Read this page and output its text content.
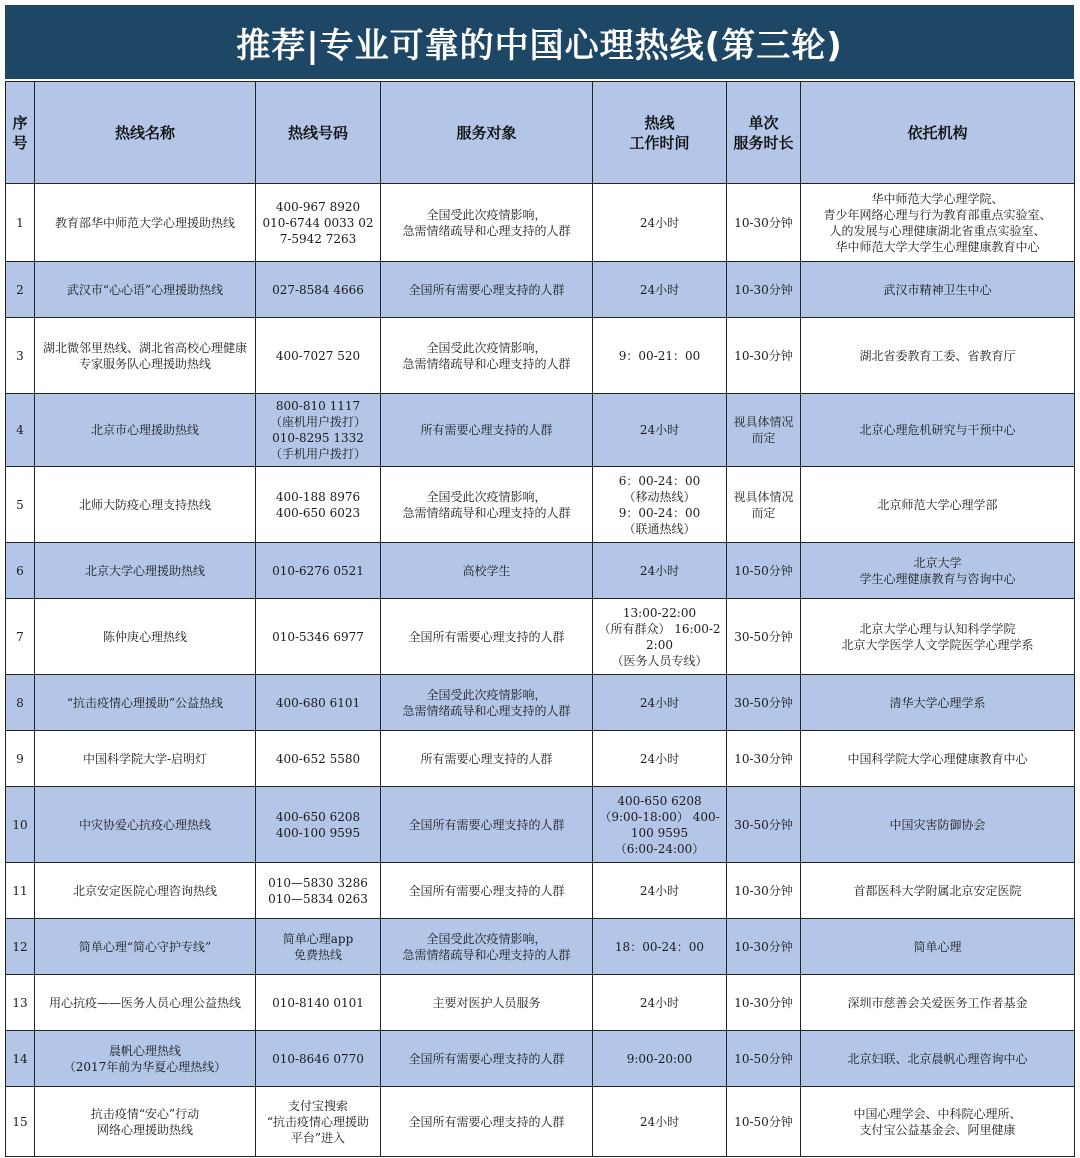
推荐|专业可靠的中国心理热线(第三轮)
序
号	热线名称	热线号码	服务对象	热线
工作时间	单次
服务时长	依托机构
1	教育部华中师范大学心理援助热线	400-967 8920
010-6744 0033 027-5942 7263	全国受此次疫情影响，
急需情绪疏导和心理支持的人群	24小时	10-30分钟	华中师范大学心理学院、
青少年网络心理与行为教育部重点实验室、
人的发展与心理健康湖北省重点实验室、
华中师范大学大学生心理健康教育中心
2	武汉市“心心语”心理援助热线	027-8584 4666	全国所有需要心理支持的人群	24小时	10-30分钟	武汉市精神卫生中心
3	湖北微邻里热线、湖北省高校心理健康
专家服务队心理援助热线	400-7027 520	全国受此次疫情影响，
急需情绪疏导和心理支持的人群	9：00-21：00	10-30分钟	湖北省委教育工委、省教育厅
4	北京市心理援助热线	800-810 1117
（座机用户拨打）
010-8295 1332
（手机用户拨打）	所有需要心理支持的人群	24小时	视具体情况
而定	北京心理危机研究与干预中心
5	北师大防疫心理支持热线	400-188 8976
400-650 6023	全国受此次疫情影响，
急需情绪疏导和心理支持的人群	6：00-24：00
（移动热线）
9：00-24：00
（联通热线）	视具体情况
而定	北京师范大学心理学部
6	北京大学心理援助热线	010-6276 0521	高校学生	24小时	10-50分钟	北京大学
学生心理健康教育与咨询中心
7	陈仲庚心理热线	010-5346 6977	全国所有需要心理支持的人群	13:00-22:00
（所有群众） 16:00-22:00
（医务人员专线）	30-50分钟	北京大学心理与认知科学学院
北京大学医学人文学院医学心理学系
8	“抗击疫情心理援助”公益热线	400-680 6101	全国受此次疫情影响，
急需情绪疏导和心理支持的人群	24小时	30-50分钟	清华大学心理学系
9	中国科学院大学-启明灯	400-652 5580	所有需要心理支持的人群	24小时	10-30分钟	中国科学院大学心理健康教育中心
10	中灾协爱心抗疫心理热线	400-650 6208
400-100 9595	全国所有需要心理支持的人群	400-650 6208
（9:00-18:00） 400-100 9595
（6:00-24:00）	30-50分钟	中国灾害防御协会
11	北京安定医院心理咨询热线	010—5830 3286
010—5834 0263	全国所有需要心理支持的人群	24小时	10-30分钟	首都医科大学附属北京安定医院
12	简单心理“简心守护专线”	简单心理app
免费热线	全国受此次疫情影响，
急需情绪疏导和心理支持的人群	18：00-24：00	10-30分钟	简单心理
13	用心抗疫——医务人员心理公益热线	010-8140 0101	主要对医护人员服务	24小时	10-30分钟	深圳市慈善会关爱医务工作者基金
14	晨帆心理热线
（2017年前为华夏心理热线）	010-8646 0770	全国所有需要心理支持的人群	9:00-20:00	10-50分钟	北京妇联、北京晨帆心理咨询中心
15	抗击疫情“安心”行动
网络心理援助热线	支付宝搜索
“抗击疫情心理援助
平台”进入	全国所有需要心理支持的人群	24小时	10-50分钟	中国心理学会、中科院心理所、
支付宝公益基金会、阿里健康
